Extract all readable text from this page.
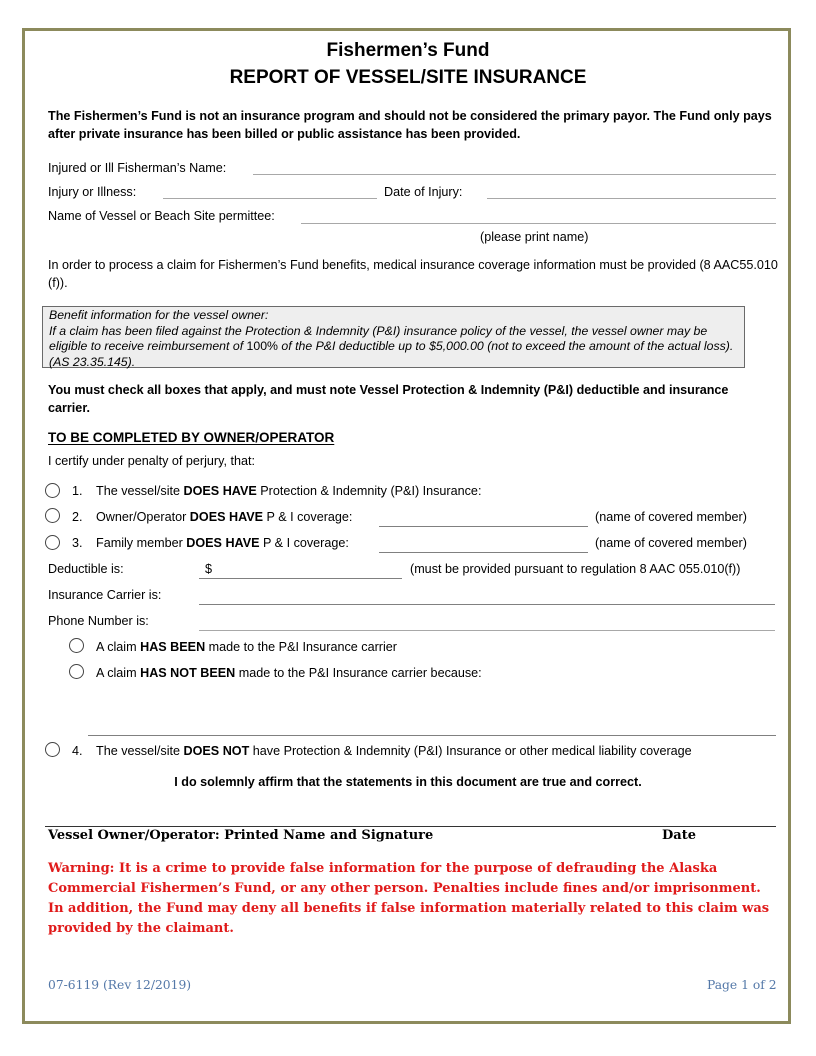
Fishermen’s Fund
REPORT OF VESSEL/SITE INSURANCE
The Fishermen’s Fund is not an insurance program and should not be considered the primary payor. The Fund only pays after private insurance has been billed or public assistance has been provided.
Injured or Ill Fisherman’s Name:
Injury or Illness:	Date of Injury:
Name of Vessel or Beach Site permittee:
(please print name)
In order to process a claim for Fishermen’s Fund benefits, medical insurance coverage information must be provided (8 AAC55.010 (f)).
Benefit information for the vessel owner:
If a claim has been filed against the Protection & Indemnity (P&I) insurance policy of the vessel, the vessel owner may be eligible to receive reimbursement of 100% of the P&I deductible up to $5,000.00 (not to exceed the amount of the actual loss). (AS 23.35.145).
You must check all boxes that apply, and must note Vessel Protection & Indemnity (P&I) deductible and insurance carrier.
TO BE COMPLETED BY OWNER/OPERATOR
I certify under penalty of perjury, that:
1. The vessel/site DOES HAVE Protection & Indemnity (P&I) Insurance:
2. Owner/Operator DOES HAVE P & I coverage:	(name of covered member)
3. Family member DOES HAVE P & I coverage:	(name of covered member)
Deductible is:	$	(must be provided pursuant to regulation 8 AAC 055.010(f))
Insurance Carrier is:
Phone Number is:
A claim HAS BEEN made to the P&I Insurance carrier
A claim HAS NOT BEEN made to the P&I Insurance carrier because:
4. The vessel/site DOES NOT have Protection & Indemnity (P&I) Insurance or other medical liability coverage
I do solemnly affirm that the statements in this document are true and correct.
Vessel Owner/Operator: Printed Name and Signature	Date
Warning: It is a crime to provide false information for the purpose of defrauding the Alaska Commercial Fishermen’s Fund, or any other person. Penalties include fines and/or imprisonment. In addition, the Fund may deny all benefits if false information materially related to this claim was provided by the claimant.
07-6119 (Rev 12/2019)	Page 1 of 2
